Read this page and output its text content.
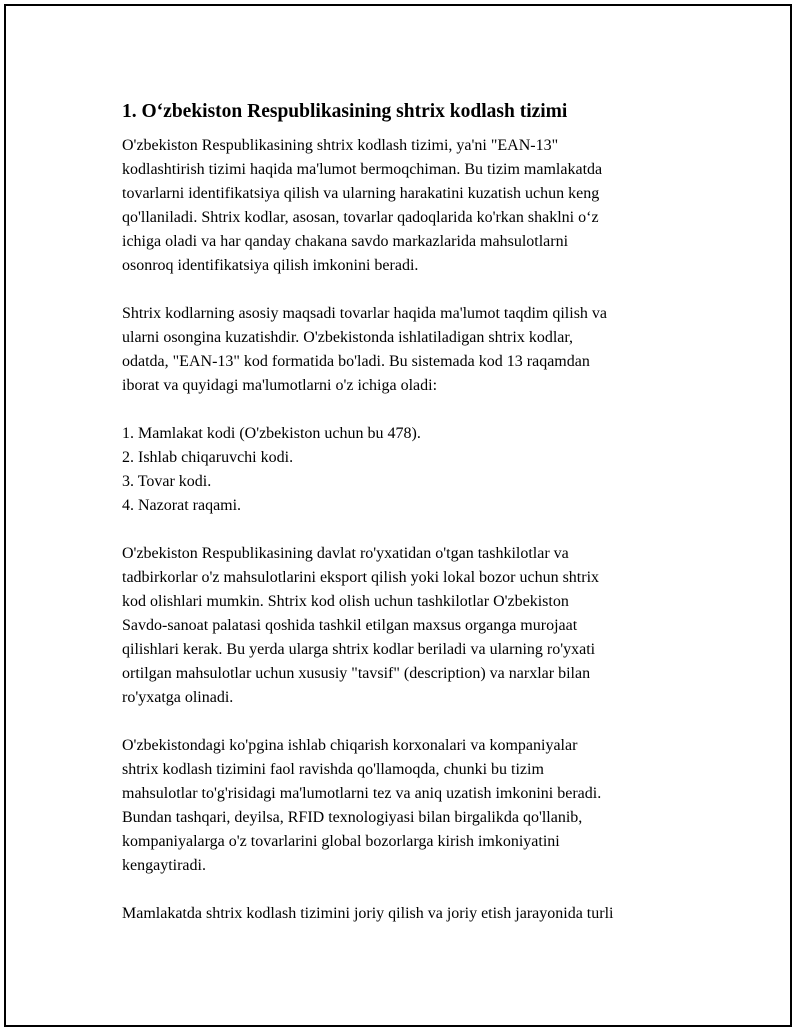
1. O‘zbekiston Respublikasining shtrix kodlash tizimi
O'zbekiston Respublikasining shtrix kodlash tizimi, ya'ni "EAN-13"
kodlashtirish tizimi haqida ma'lumot bermoqchiman. Bu tizim mamlakatda
tovarlarni identifikatsiya qilish va ularning harakatini kuzatish uchun keng
qo'llaniladi. Shtrix kodlar, asosan, tovarlar qadoqlarida ko'rkan shaklni o‘z
ichiga oladi va har qanday chakana savdo markazlarida mahsulotlarni
osonroq identifikatsiya qilish imkonini beradi.
Shtrix kodlarning asosiy maqsadi tovarlar haqida ma'lumot taqdim qilish va
ularni osongina kuzatishdir. O'zbekistonda ishlatiladigan shtrix kodlar,
odatda, "EAN-13" kod formatida bo'ladi. Bu sistemada kod 13 raqamdan
iborat va quyidagi ma'lumotlarni o'z ichiga oladi:
1. Mamlakat kodi (O'zbekiston uchun bu 478).
2. Ishlab chiqaruvchi kodi.
3. Tovar kodi.
4. Nazorat raqami.
O'zbekiston Respublikasining davlat ro'yxatidan o'tgan tashkilotlar va
tadbirkorlar o'z mahsulotlarini eksport qilish yoki lokal bozor uchun shtrix
kod olishlari mumkin. Shtrix kod olish uchun tashkilotlar O'zbekiston
Savdo-sanoat palatasi qoshida tashkil etilgan maxsus organga murojaat
qilishlari kerak. Bu yerda ularga shtrix kodlar beriladi va ularning ro'yxati
ortilgan mahsulotlar uchun xususiy "tavsif" (description) va narxlar bilan
ro'yxatga olinadi.
O'zbekistondagi ko'pgina ishlab chiqarish korxonalari va kompaniyalar
shtrix kodlash tizimini faol ravishda qo'llamoqda, chunki bu tizim
mahsulotlar to'g'risidagi ma'lumotlarni tez va aniq uzatish imkonini beradi.
Bundan tashqari, deyilsa, RFID texnologiyasi bilan birgalikda qo'llanib,
kompaniyalarga o'z tovarlarini global bozorlarga kirish imkoniyatini
kengaytiradi.
Mamlakatda shtrix kodlash tizimini joriy qilish va joriy etish jarayonida turli
